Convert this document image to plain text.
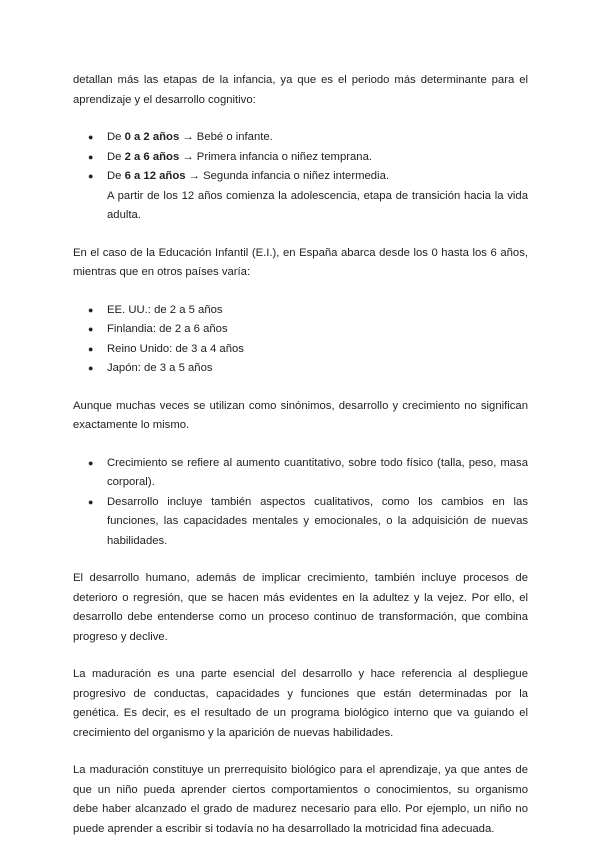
detallan más las etapas de la infancia, ya que es el periodo más determinante para el aprendizaje y el desarrollo cognitivo:

● De 0 a 2 años → Bebé o infante.
● De 2 a 6 años → Primera infancia o niñez temprana.
● De 6 a 12 años → Segunda infancia o niñez intermedia.
A partir de los 12 años comienza la adolescencia, etapa de transición hacia la vida adulta.

En el caso de la Educación Infantil (E.I.), en España abarca desde los 0 hasta los 6 años, mientras que en otros países varía:

● EE. UU.: de 2 a 5 años
● Finlandia: de 2 a 6 años
● Reino Unido: de 3 a 4 años
● Japón: de 3 a 5 años

Aunque muchas veces se utilizan como sinónimos, desarrollo y crecimiento no significan exactamente lo mismo.

● Crecimiento se refiere al aumento cuantitativo, sobre todo físico (talla, peso, masa corporal).
● Desarrollo incluye también aspectos cualitativos, como los cambios en las funciones, las capacidades mentales y emocionales, o la adquisición de nuevas habilidades.

El desarrollo humano, además de implicar crecimiento, también incluye procesos de deterioro o regresión, que se hacen más evidentes en la adultez y la vejez. Por ello, el desarrollo debe entenderse como un proceso continuo de transformación, que combina progreso y declive.

La maduración es una parte esencial del desarrollo y hace referencia al despliegue progresivo de conductas, capacidades y funciones que están determinadas por la genética. Es decir, es el resultado de un programa biológico interno que va guiando el crecimiento del organismo y la aparición de nuevas habilidades.

La maduración constituye un prerrequisito biológico para el aprendizaje, ya que antes de que un niño pueda aprender ciertos comportamientos o conocimientos, su organismo debe haber alcanzado el grado de madurez necesario para ello. Por ejemplo, un niño no puede aprender a escribir si todavía no ha desarrollado la motricidad fina adecuada.
